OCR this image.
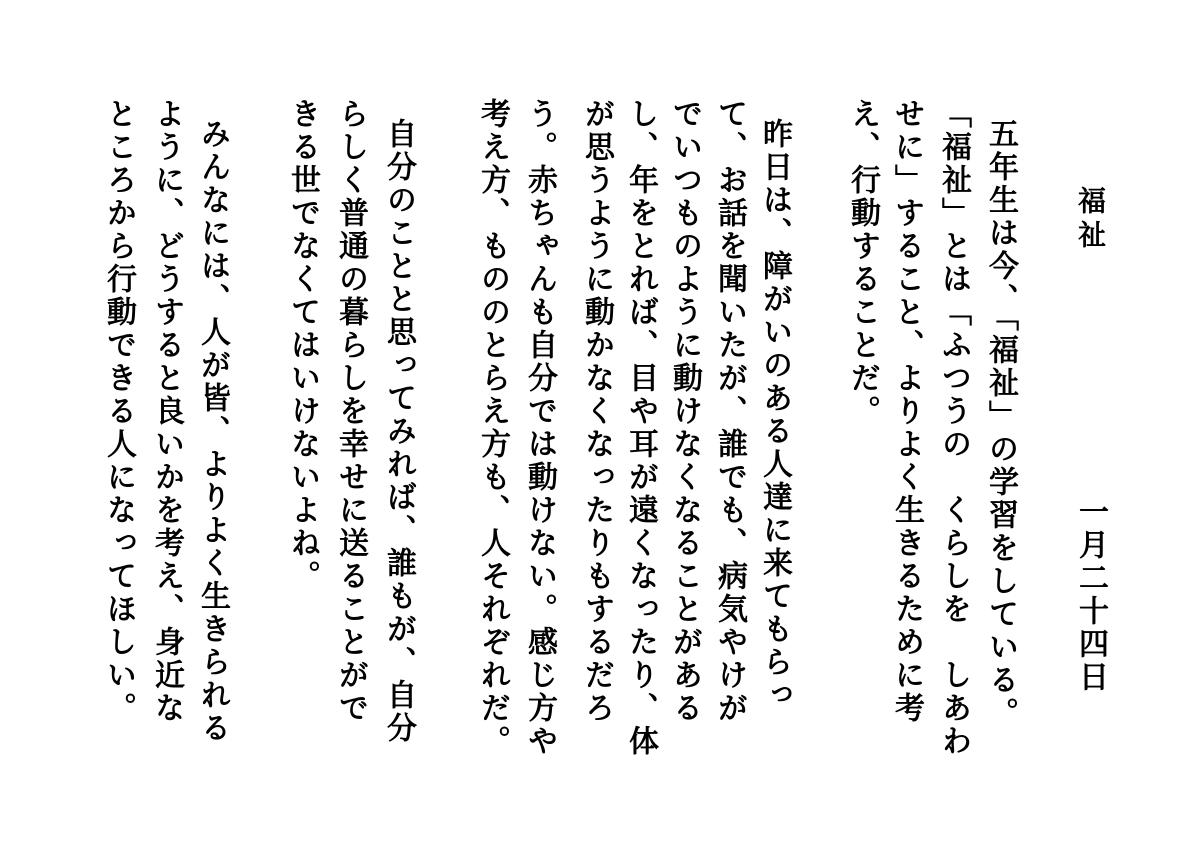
福祉
一月二十四日
五年生は今、「福祉」の学習をしている。
「福祉」とは「ふつうの　くらしを　しあわ
せに」すること、よりよく生きるために考
え、行動することだ。
昨日は、障がいのある人達に来てもらっ
て、お話を聞いたが、誰でも、病気やけが
でいつものように動けなくなることがある
し、年をとれば、目や耳が遠くなったり、体
が思うように動かなくなったりもするだろ
う。赤ちゃんも自分では動けない。感じ方や
考え方、もののとらえ方も、人それぞれだ。
自分のことと思ってみれば、誰もが、自分
らしく普通の暮らしを幸せに送ることがで
きる世でなくてはいけないよね。
みんなには、人が皆、よりよく生きられる
ように、どうすると良いかを考え、身近な
ところから行動できる人になってほしい。
